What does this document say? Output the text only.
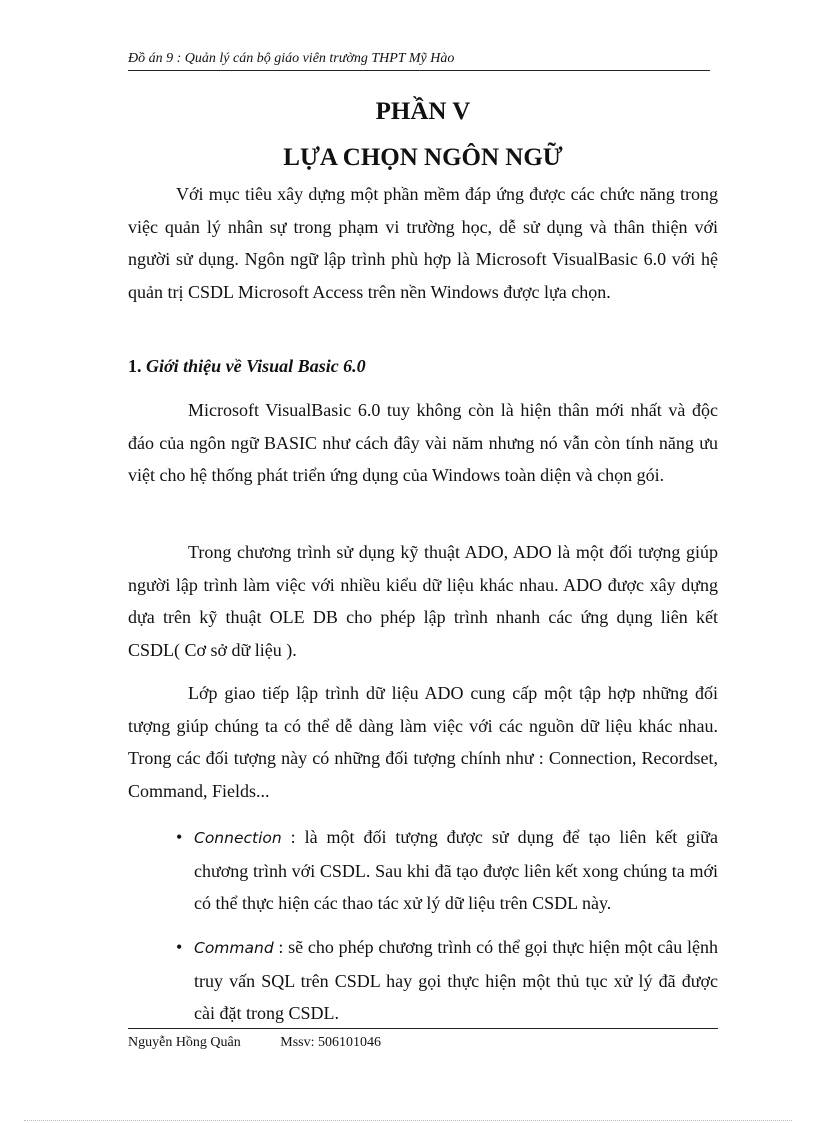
Đồ án 9 : Quản lý cán bộ giáo viên trường THPT Mỹ Hào
PHẦN V
LỰA CHỌN NGÔN NGỮ

Với mục tiêu xây dựng một phần mềm đáp ứng được các chức năng trong việc quản lý nhân sự trong phạm vi trường học, dễ sử dụng và thân thiện với người sử dụng. Ngôn ngữ lập trình phù hợp là Microsoft VisualBasic 6.0 với hệ quản trị CSDL Microsoft Access trên nền Windows được lựa chọn.

1. Giới thiệu về Visual Basic 6.0

Microsoft VisualBasic 6.0 tuy không còn là hiện thân mới nhất và độc đáo của ngôn ngữ BASIC như cách đây vài năm nhưng nó vẫn còn tính năng ưu việt cho hệ thống phát triển ứng dụng của Windows toàn diện và chọn gói.

Trong chương trình sử dụng kỹ thuật ADO, ADO là một đối tượng giúp người lập trình làm việc với nhiều kiểu dữ liệu khác nhau. ADO được xây dựng dựa trên kỹ thuật OLE DB cho phép lập trình nhanh các ứng dụng liên kết CSDL( Cơ sở dữ liệu ).

Lớp giao tiếp lập trình dữ liệu ADO cung cấp một tập hợp những đối tượng giúp chúng ta có thể dễ dàng làm việc với các nguồn dữ liệu khác nhau. Trong các đối tượng này có những đối tượng chính như : Connection, Recordset, Command, Fields...

• Connection : là một đối tượng được sử dụng để tạo liên kết giữa chương trình với CSDL. Sau khi đã tạo được liên kết xong chúng ta mới có thể thực hiện các thao tác xử lý dữ liệu trên CSDL này.

• Command : sẽ cho phép chương trình có thể gọi thực hiện một câu lệnh truy vấn SQL trên CSDL hay gọi thực hiện một thủ tục xử lý đã được cài đặt trong CSDL.

Nguyễn Hồng Quân	Mssv: 506101046
